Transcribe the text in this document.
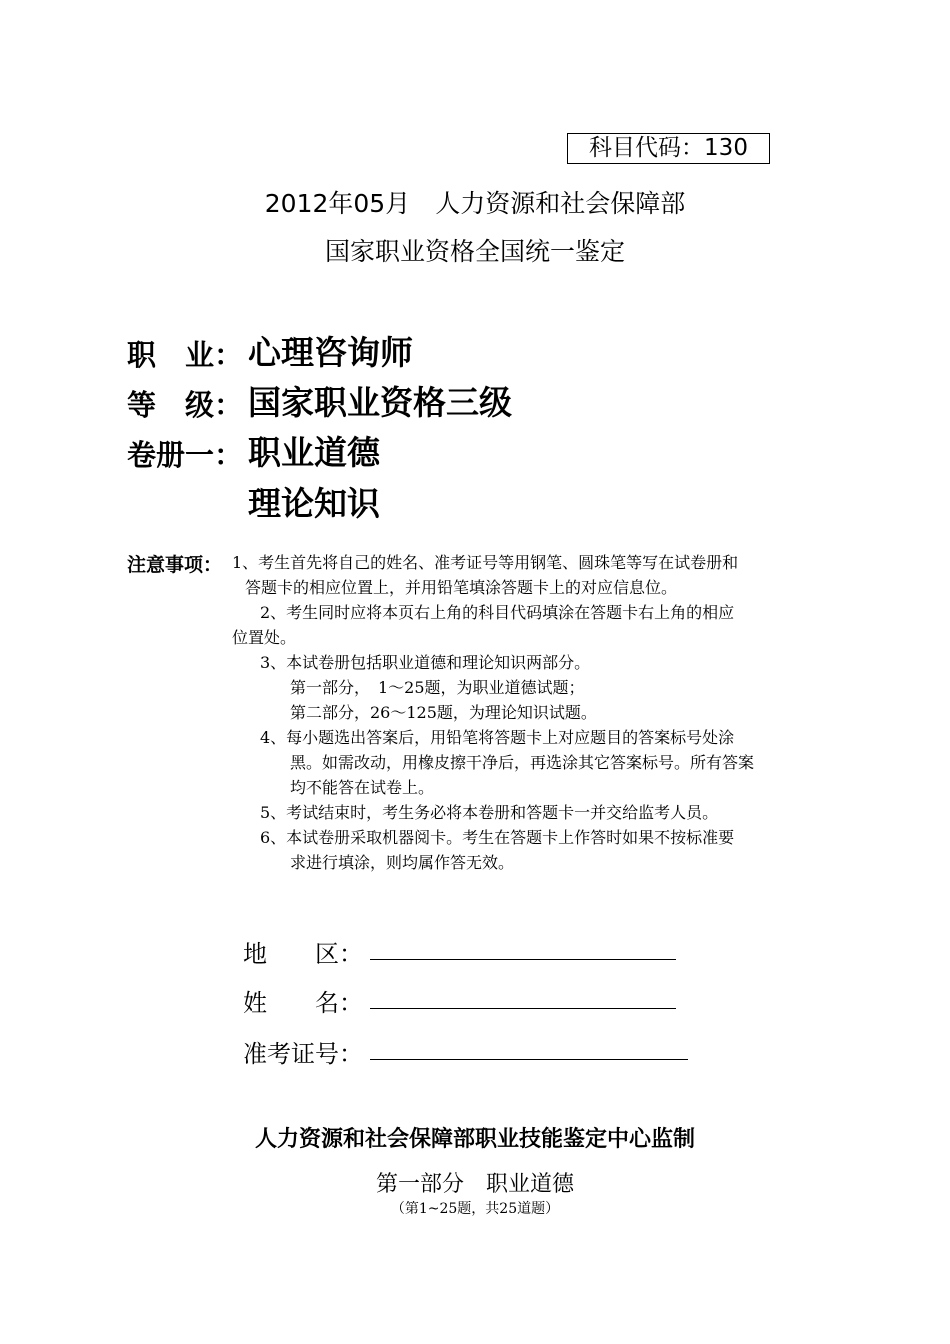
科目代码：130
2012年05月　人力资源和社会保障部
国家职业资格全国统一鉴定
职　业： 心理咨询师
等　级： 国家职业资格三级
卷册一： 职业道德
理论知识
注意事项： 1、考生首先将自己的姓名、准考证号等用钢笔、圆珠笔等写在试卷册和
答题卡的相应位置上，并用铅笔填涂答题卡上的对应信息位。
2、考生同时应将本页右上角的科目代码填涂在答题卡右上角的相应
位置处。
3、本试卷册包括职业道德和理论知识两部分。
第一部分，　1～25题，为职业道德试题；
第二部分，26～125题，为理论知识试题。
4、每小题选出答案后，用铅笔将答题卡上对应题目的答案标号处涂
黑。如需改动，用橡皮擦干净后，再选涂其它答案标号。所有答案
均不能答在试卷上。
5、考试结束时，考生务必将本卷册和答题卡一并交给监考人员。
6、本试卷册采取机器阅卡。考生在答题卡上作答时如果不按标准要
求进行填涂，则均属作答无效。
地　　区：
姓　　名：
准考证号：
人力资源和社会保障部职业技能鉴定中心监制
第一部分　职业道德
（第1~25题，共25道题）
